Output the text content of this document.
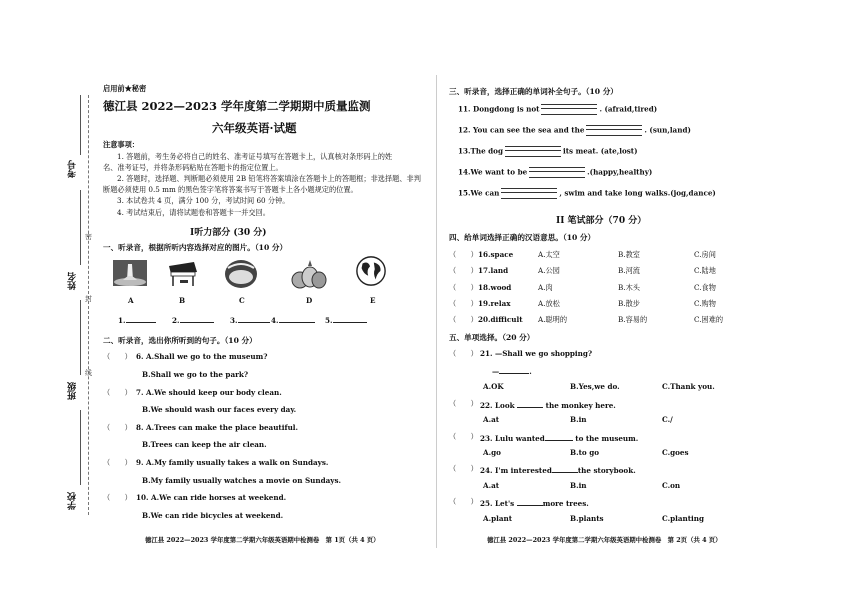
考号
姓名
班级
学校
密
封
线
启用前★秘密
德江县 2022—2023 学年度第二学期期中质量监测
六年级英语·试题
注意事项：
1. 答题前，考生务必将自己的姓名、准考证号填写在答题卡上，认真核对条形码上的姓
名、准考证号，并将条形码粘贴在答题卡的指定位置上。
2. 答题时，选择题、判断题必须使用 2B 铅笔将答案填涂在答题卡上的答题框；非选择题、非判
断题必须使用 0.5 mm 的黑色签字笔将答案书写于答题卡上各小题规定的位置。
3. 本试卷共 4 页，满分 100 分，考试时间 60 分钟。
4. 考试结束后，请将试题卷和答题卡一并交回。
I听力部分 (30 分)
一、听录音，根据所听内容选择对应的图片。（10 分）
A	B	C	D	E
1.	2.	3.	4.	5.
二、听录音，选出你所听到的句子。（10 分）
（　　） 6. A.Shall we go to the museum?
B.Shall we go to the park?
（　　） 7. A.We should keep our body clean.
B.We should wash our faces every day.
（　　） 8. A.Trees can make the place beautiful.
B.Trees can keep the air clean.
（　　） 9. A.My family usually takes a walk on Sundays.
B.My family usually watches a movie on Sundays.
（　　） 10. A.We can ride horses at weekend.
B.We can ride bicycles at weekend.
德江县 2022—2023 学年度第二学期六年级英语期中检测卷　第 1页（共 4 页）
三、听录音，选择正确的单词补全句子。（10 分）
11. Dongdong is not	. (afraid,tired)
12. You can see the sea and the	. (sun,land)
13.The dog	its meat. (ate,lost)
14.We want to be	.(happy,healthy)
15.We can	, swim and take long walks.(jog,dance)
II 笔试部分（70 分）
四、给单词选择正确的汉语意思。（10 分）
（　　） 16.space	A.太空	B.教室	C.房间
（　　） 17.land	A.公园	B.河流	C.陆地
（　　） 18.wood	A.肉	B.木头	C.食物
（　　） 19.relax	A.放松	B.散步	C.购物
（　　） 20.difficult A.聪明的	B.容易的	C.困难的
五、单项选择。（20 分）
（　　） 21. —Shall we go shopping?
—	.
A.OK	B.Yes,we do.	C.Thank you.
（　　） 22. Look	the monkey here.
A.at	B.in	C./
（　　） 23. Lulu wanted	to the museum.
A.go	B.to go	C.goes
（　　） 24. I'm interested	the storybook.
A.at	B.in	C.on
（　　） 25. Let's	more trees.
A.plant	B.plants	C.planting
德江县 2022—2023 学年度第二学期六年级英语期中检测卷　第 2页（共 4 页）
